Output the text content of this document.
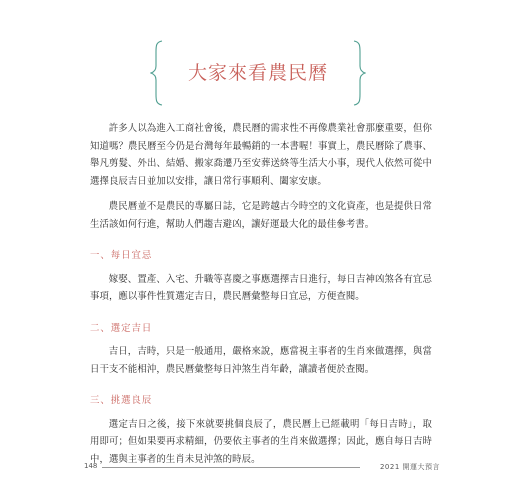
大家來看農民曆

許多人以為進入工商社會後，農民曆的需求性不再像農業社會那麼重要，但你知道嗎？農民曆至今仍是台灣每年最暢銷的一本書喔！事實上，農民曆除了農事、舉凡剪髮、外出、結婚、搬家喬遷乃至安葬送終等生活大小事，現代人依然可從中選擇良辰吉日並加以安排，讓日常行事順利、闔家安康。

農民曆並不是農民的專屬日誌，它是跨越古今時空的文化資產，也是提供日常生活該如何行進，幫助人們趨吉避凶，讓好運最大化的最佳參考書。

一、每日宜忌

嫁娶、置產、入宅、升職等喜慶之事應選擇吉日進行，每日吉神凶煞各有宜忌事項，應以事件性質選定吉日，農民曆彙整每日宜忌，方便查閱。

二、選定吉日

吉日，吉時，只是一般通用，嚴格來說，應當視主事者的生肖來做選擇，與當日干支不能相沖，農民曆彙整每日沖煞生肖年齡，讓讀者便於查閱。

三、挑選良辰

選定吉日之後，接下來就要挑個良辰了，農民曆上已經載明「每日吉時」，取用即可；但如果要再求精細，仍要依主事者的生肖來做選擇；因此，應自每日吉時中，選與主事者的生肖未見沖煞的時辰。

148	2021 開運大預言
